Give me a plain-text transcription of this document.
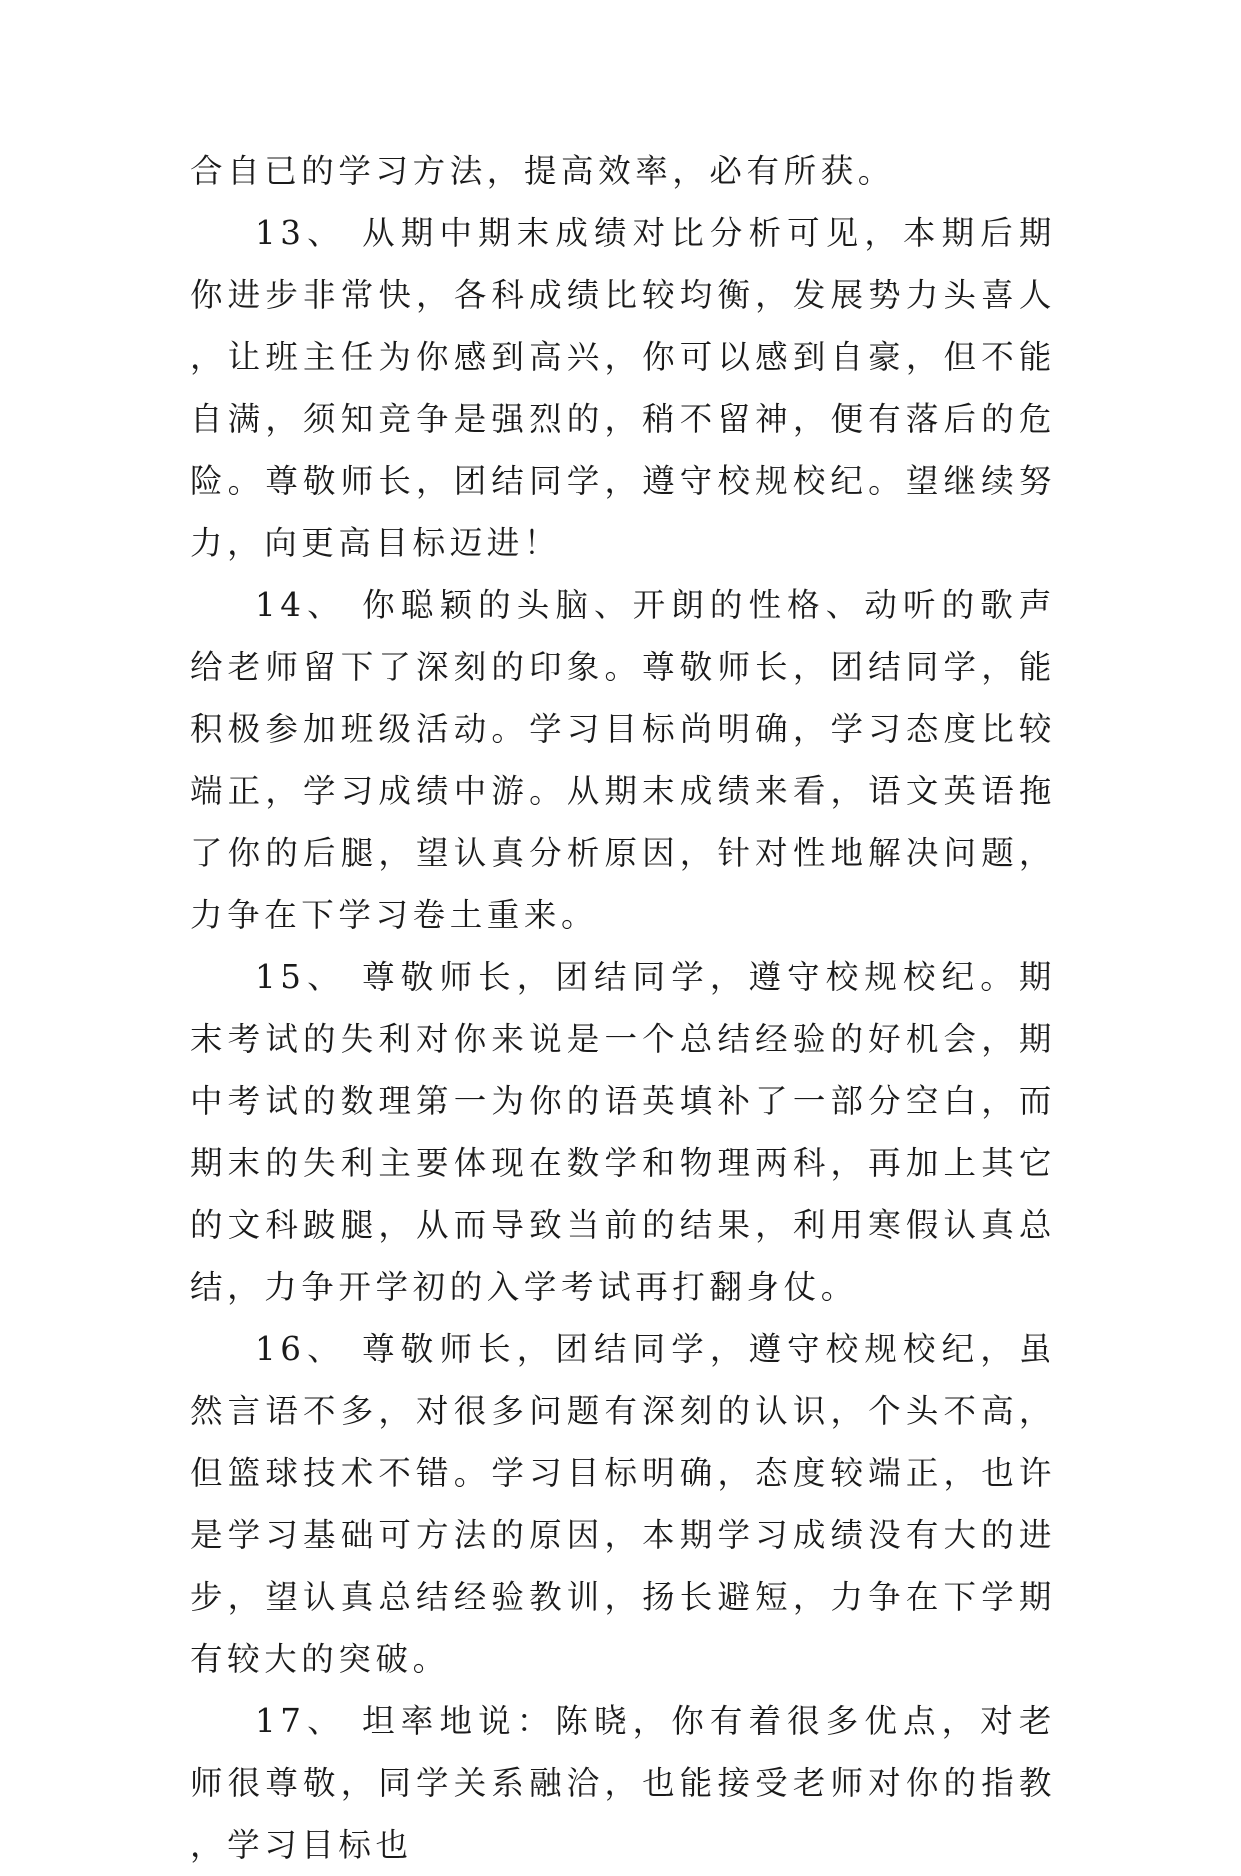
合自已的学习方法，提高效率，必有所获。

13、 从期中期末成绩对比分析可见，本期后期你进步非常快，各科成绩比较均衡，发展势力头喜人，让班主任为你感到高兴，你可以感到自豪，但不能自满，须知竞争是强烈的，稍不留神，便有落后的危险。尊敬师长，团结同学，遵守校规校纪。望继续努力，向更高目标迈进！

14、 你聪颖的头脑、开朗的性格、动听的歌声给老师留下了深刻的印象。尊敬师长，团结同学，能积极参加班级活动。学习目标尚明确，学习态度比较端正，学习成绩中游。从期末成绩来看，语文英语拖了你的后腿，望认真分析原因，针对性地解决问题，力争在下学习卷土重来。

15、 尊敬师长，团结同学，遵守校规校纪。期末考试的失利对你来说是一个总结经验的好机会，期中考试的数理第一为你的语英填补了一部分空白，而期末的失利主要体现在数学和物理两科，再加上其它的文科跛腿，从而导致当前的结果，利用寒假认真总结，力争开学初的入学考试再打翻身仗。

16、 尊敬师长，团结同学，遵守校规校纪，虽然言语不多，对很多问题有深刻的认识，个头不高，但篮球技术不错。学习目标明确，态度较端正，也许是学习基础可方法的原因，本期学习成绩没有大的进步，望认真总结经验教训，扬长避短，力争在下学期有较大的突破。

17、 坦率地说：陈晓，你有着很多优点，对老师很尊敬，同学关系融洽，也能接受老师对你的指教，学习目标也
